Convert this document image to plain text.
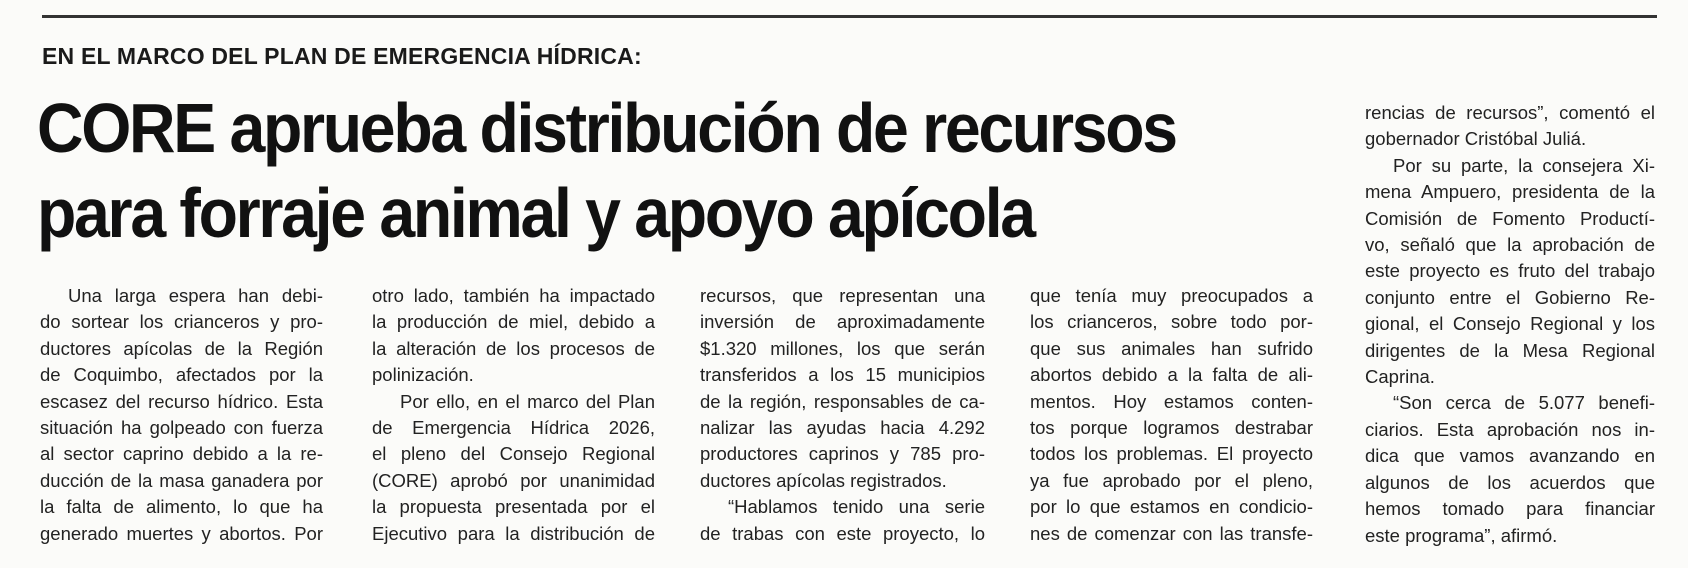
EN EL MARCO DEL PLAN DE EMERGENCIA HÍDRICA:
CORE aprueba distribución de recursos
para forraje animal y apoyo apícola
Una larga espera han debi-
do sortear los crianceros y pro-
ductores apícolas de la Región
de Coquimbo, afectados por la
escasez del recurso hídrico. Esta
situación ha golpeado con fuerza
al sector caprino debido a la re-
ducción de la masa ganadera por
la falta de alimento, lo que ha
generado muertes y abortos. Por
otro lado, también ha impactado
la producción de miel, debido a
la alteración de los procesos de
polinización.
Por ello, en el marco del Plan
de Emergencia Hídrica 2026,
el pleno del Consejo Regional
(CORE) aprobó por unanimidad
la propuesta presentada por el
Ejecutivo para la distribución de
recursos, que representan una
inversión de aproximadamente
$1.320 millones, los que serán
transferidos a los 15 municipios
de la región, responsables de ca-
nalizar las ayudas hacia 4.292
productores caprinos y 785 pro-
ductores apícolas registrados.
“Hablamos tenido una serie
de trabas con este proyecto, lo
que tenía muy preocupados a
los crianceros, sobre todo por-
que sus animales han sufrido
abortos debido a la falta de ali-
mentos. Hoy estamos conten-
tos porque logramos destrabar
todos los problemas. El proyecto
ya fue aprobado por el pleno,
por lo que estamos en condicio-
nes de comenzar con las transfe-
rencias de recursos”, comentó el
gobernador Cristóbal Juliá.
Por su parte, la consejera Xi-
mena Ampuero, presidenta de la
Comisión de Fomento Productí-
vo, señaló que la aprobación de
este proyecto es fruto del trabajo
conjunto entre el Gobierno Re-
gional, el Consejo Regional y los
dirigentes de la Mesa Regional
Caprina.
“Son cerca de 5.077 benefi-
ciarios. Esta aprobación nos in-
dica que vamos avanzando en
algunos de los acuerdos que
hemos tomado para financiar
este programa”, afirmó.
